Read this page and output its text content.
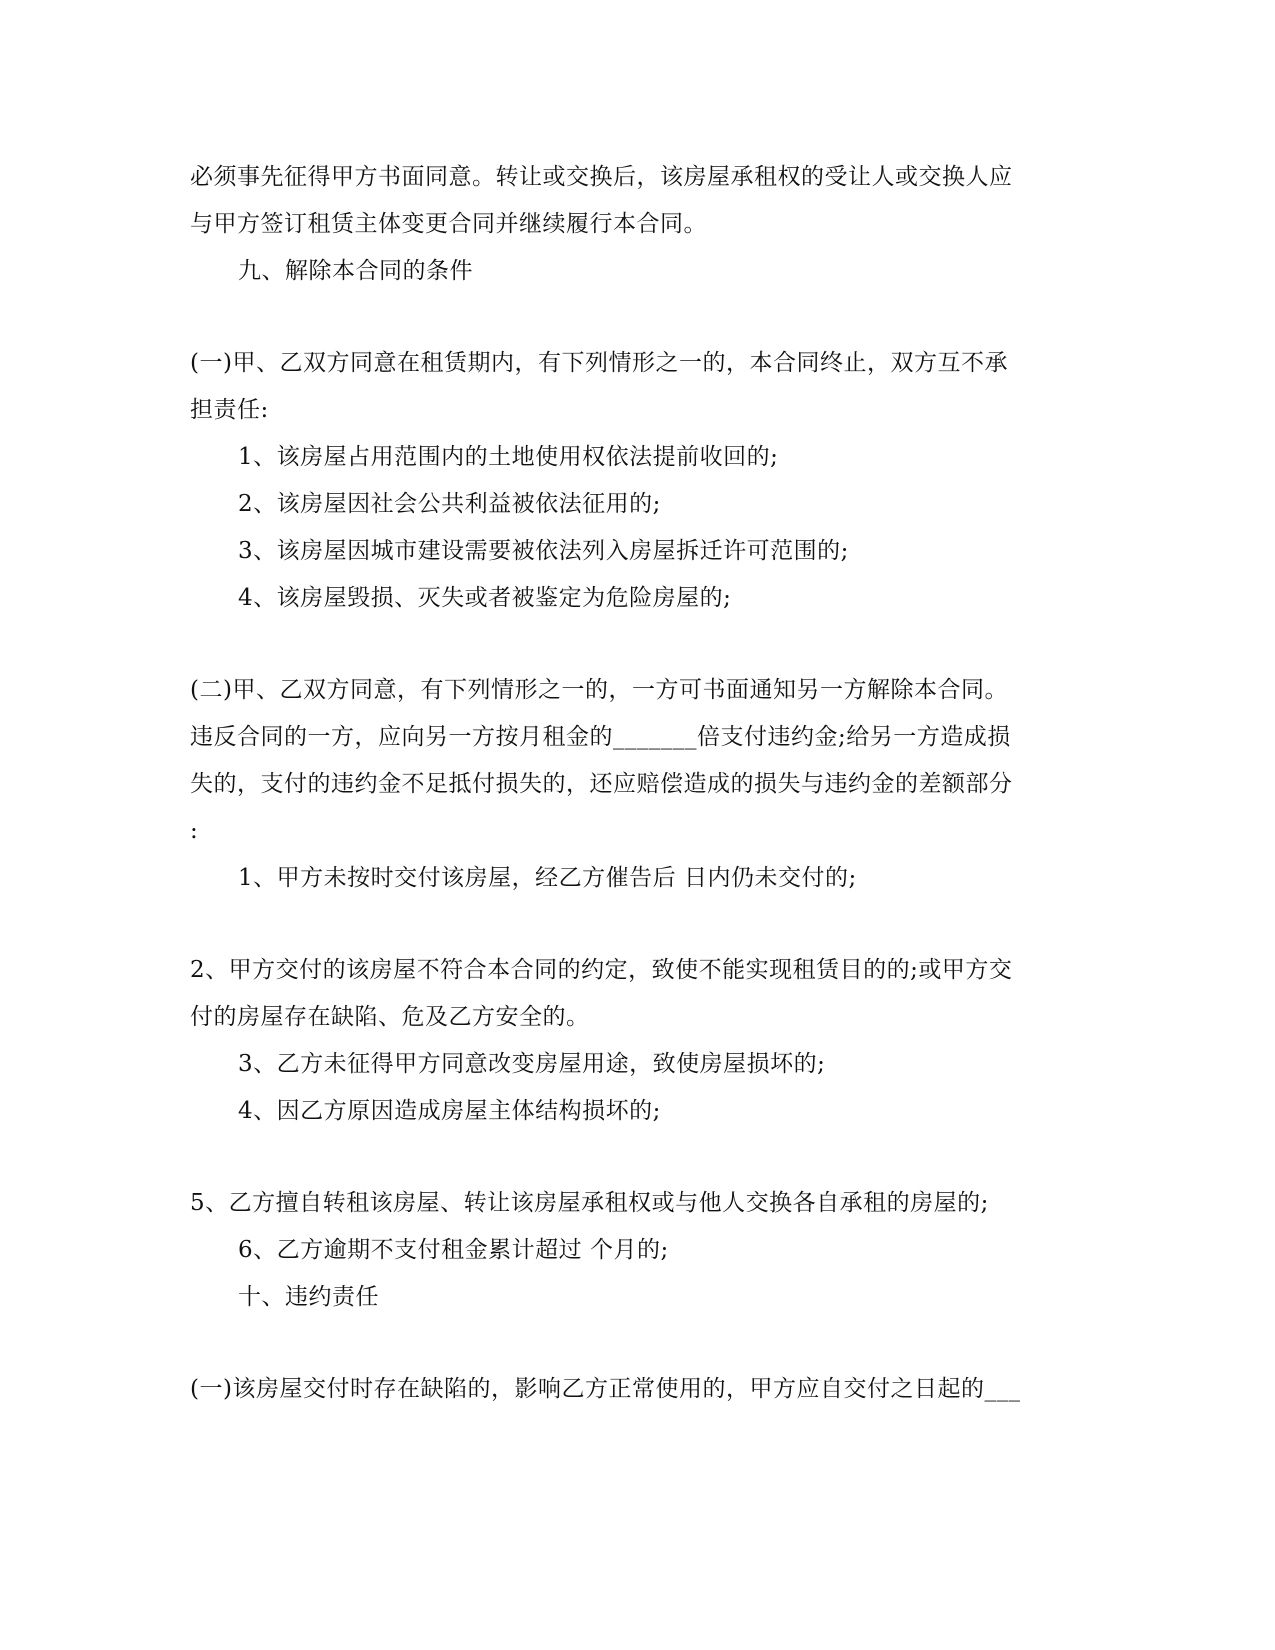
必须事先征得甲方书面同意。转让或交换后，该房屋承租权的受让人或交换人应
与甲方签订租赁主体变更合同并继续履行本合同。
九、解除本合同的条件
(一)甲、乙双方同意在租赁期内，有下列情形之一的，本合同终止，双方互不承
担责任:
1、该房屋占用范围内的土地使用权依法提前收回的;
2、该房屋因社会公共利益被依法征用的;
3、该房屋因城市建设需要被依法列入房屋拆迁许可范围的;
4、该房屋毁损、灭失或者被鉴定为危险房屋的;
(二)甲、乙双方同意，有下列情形之一的，一方可书面通知另一方解除本合同。
违反合同的一方，应向另一方按月租金的_______倍支付违约金;给另一方造成损
失的，支付的违约金不足抵付损失的，还应赔偿造成的损失与违约金的差额部分
:
1、甲方未按时交付该房屋，经乙方催告后 日内仍未交付的;
2、甲方交付的该房屋不符合本合同的约定，致使不能实现租赁目的的;或甲方交
付的房屋存在缺陷、危及乙方安全的。
3、乙方未征得甲方同意改变房屋用途，致使房屋损坏的;
4、因乙方原因造成房屋主体结构损坏的;
5、乙方擅自转租该房屋、转让该房屋承租权或与他人交换各自承租的房屋的;
6、乙方逾期不支付租金累计超过 个月的;
十、违约责任
(一)该房屋交付时存在缺陷的，影响乙方正常使用的，甲方应自交付之日起的___
